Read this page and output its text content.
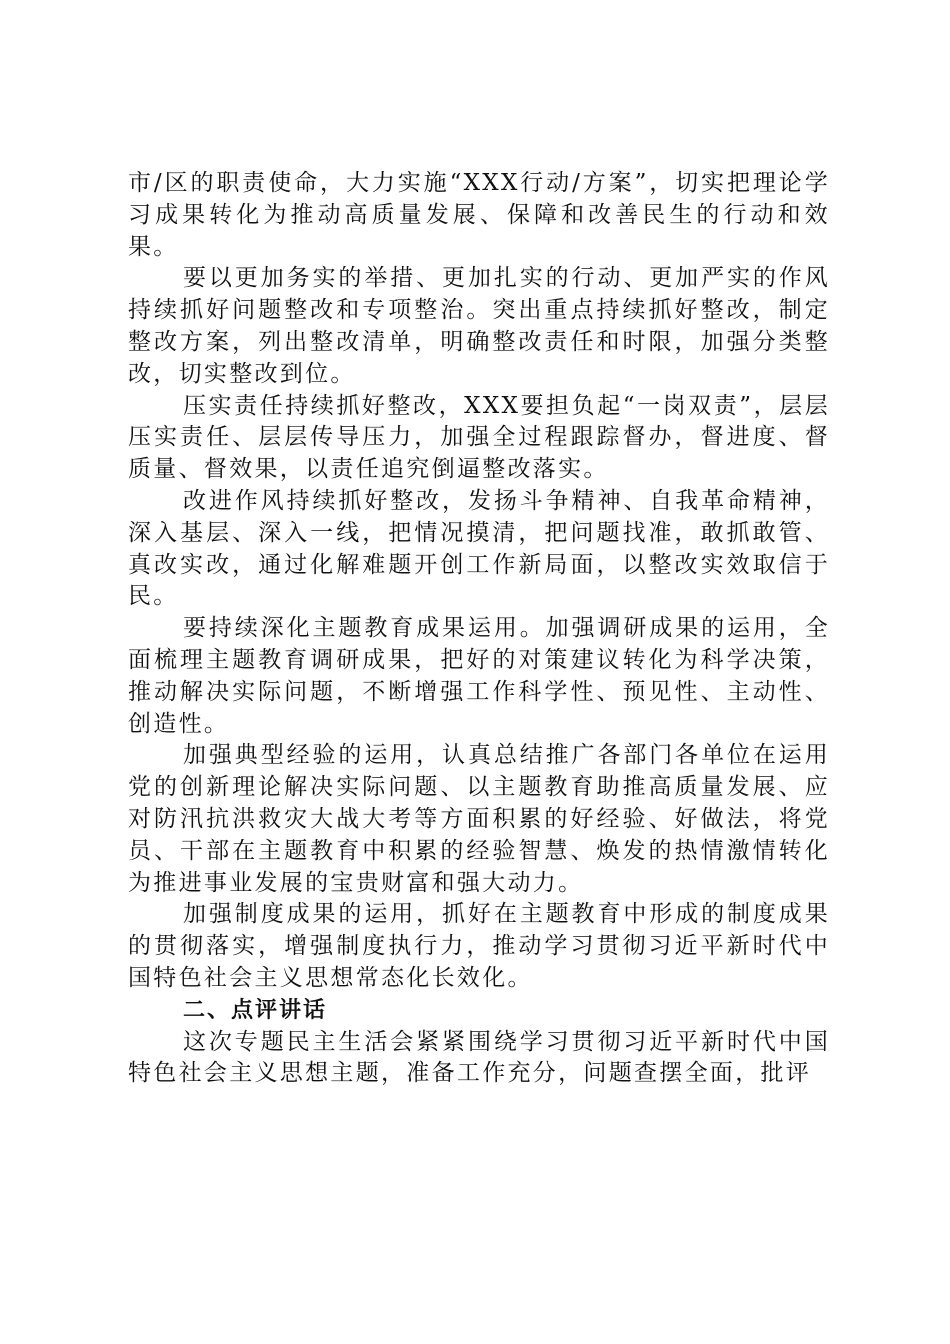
市/区的职责使命，大力实施“XXX行动/方案”，切实把理论学习成果转化为推动高质量发展、保障和改善民生的行动和效果。

要以更加务实的举措、更加扎实的行动、更加严实的作风持续抓好问题整改和专项整治。突出重点持续抓好整改，制定整改方案，列出整改清单，明确整改责任和时限，加强分类整改，切实整改到位。

压实责任持续抓好整改，XXX要担负起“一岗双责”，层层压实责任、层层传导压力，加强全过程跟踪督办，督进度、督质量、督效果，以责任追究倒逼整改落实。

改进作风持续抓好整改，发扬斗争精神、自我革命精神，深入基层、深入一线，把情况摸清，把问题找准，敢抓敢管、真改实改，通过化解难题开创工作新局面，以整改实效取信于民。

要持续深化主题教育成果运用。加强调研成果的运用，全面梳理主题教育调研成果，把好的对策建议转化为科学决策，推动解决实际问题，不断增强工作科学性、预见性、主动性、创造性。

加强典型经验的运用，认真总结推广各部门各单位在运用党的创新理论解决实际问题、以主题教育助推高质量发展、应对防汛抗洪救灾大战大考等方面积累的好经验、好做法，将党员、干部在主题教育中积累的经验智慧、焕发的热情激情转化为推进事业发展的宝贵财富和强大动力。

加强制度成果的运用，抓好在主题教育中形成的制度成果的贯彻落实，增强制度执行力，推动学习贯彻习近平新时代中国特色社会主义思想常态化长效化。

二、点评讲话

这次专题民主生活会紧紧围绕学习贯彻习近平新时代中国特色社会主义思想主题，准备工作充分，问题查摆全面，批评
